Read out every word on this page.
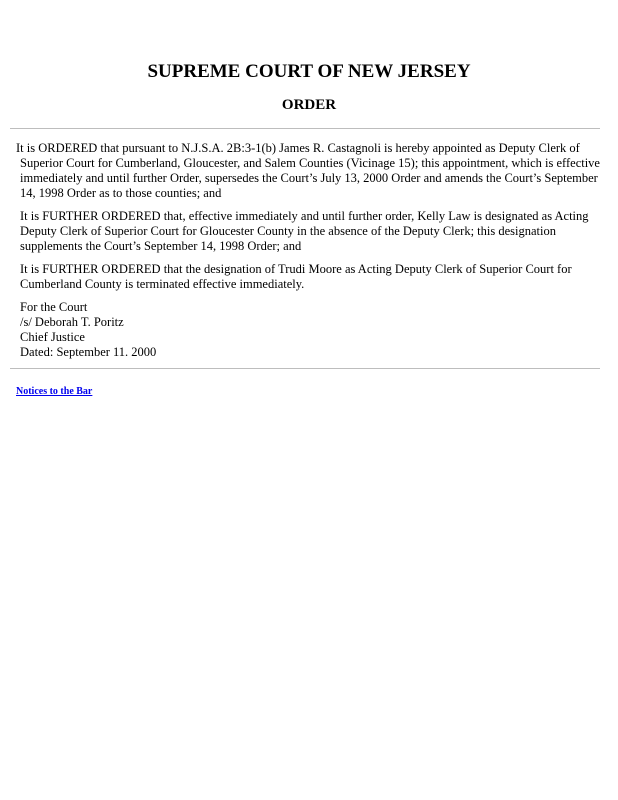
SUPREME COURT OF NEW JERSEY
ORDER

It is ORDERED that pursuant to N.J.S.A. 2B:3-1(b) James R. Castagnoli is hereby appointed as Deputy Clerk of Superior Court for Cumberland, Gloucester, and Salem Counties (Vicinage 15); this appointment, which is effective immediately and until further Order, supersedes the Court’s July 13, 2000 Order and amends the Court’s September 14, 1998 Order as to those counties; and

It is FURTHER ORDERED that, effective immediately and until further order, Kelly Law is designated as Acting Deputy Clerk of Superior Court for Gloucester County in the absence of the Deputy Clerk; this designation supplements the Court’s September 14, 1998 Order; and

It is FURTHER ORDERED that the designation of Trudi Moore as Acting Deputy Clerk of Superior Court for Cumberland County is terminated effective immediately.

For the Court
/s/ Deborah T. Poritz
Chief Justice
Dated: September 11. 2000
Notices to the Bar
